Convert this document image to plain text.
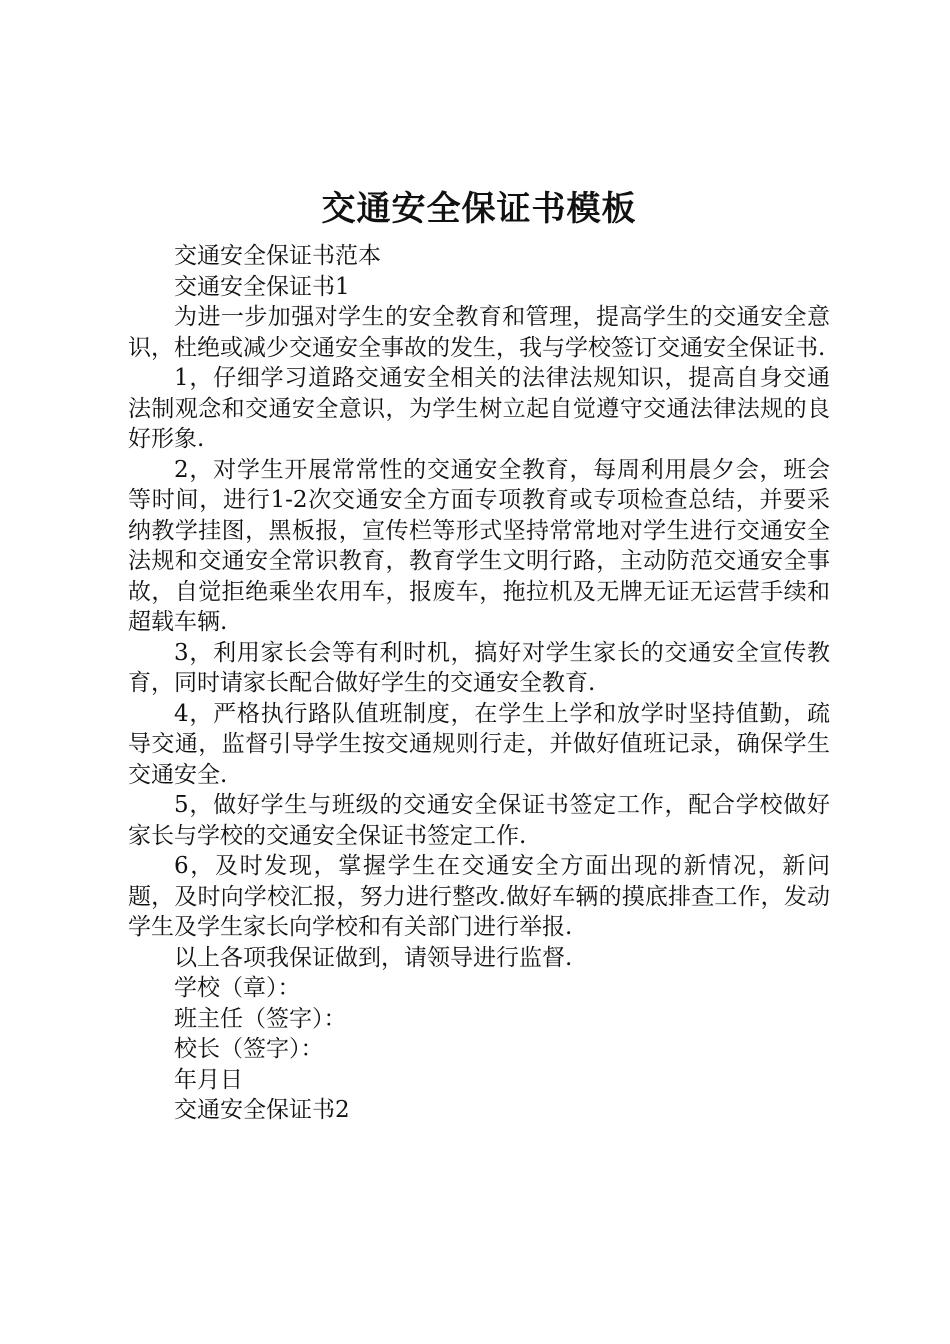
交通安全保证书模板

交通安全保证书范本

交通安全保证书1

为进一步加强对学生的安全教育和管理，提高学生的交通安全意识，杜绝或减少交通安全事故的发生，我与学校签订交通安全保证书.

1，仔细学习道路交通安全相关的法律法规知识，提高自身交通法制观念和交通安全意识，为学生树立起自觉遵守交通法律法规的良好形象.

2，对学生开展常常性的交通安全教育，每周利用晨夕会，班会等时间，进行1-2次交通安全方面专项教育或专项检查总结，并要采纳教学挂图，黑板报，宣传栏等形式坚持常常地对学生进行交通安全法规和交通安全常识教育，教育学生文明行路，主动防范交通安全事故，自觉拒绝乘坐农用车，报废车，拖拉机及无牌无证无运营手续和超载车辆.

3，利用家长会等有利时机，搞好对学生家长的交通安全宣传教育，同时请家长配合做好学生的交通安全教育.

4，严格执行路队值班制度，在学生上学和放学时坚持值勤，疏导交通，监督引导学生按交通规则行走，并做好值班记录，确保学生交通安全.

5，做好学生与班级的交通安全保证书签定工作，配合学校做好家长与学校的交通安全保证书签定工作.

6，及时发现，掌握学生在交通安全方面出现的新情况，新问题，及时向学校汇报，努力进行整改.做好车辆的摸底排查工作，发动学生及学生家长向学校和有关部门进行举报.

以上各项我保证做到，请领导进行监督.

学校（章）：

班主任（签字）：

校长（签字）：

年月日

交通安全保证书2
